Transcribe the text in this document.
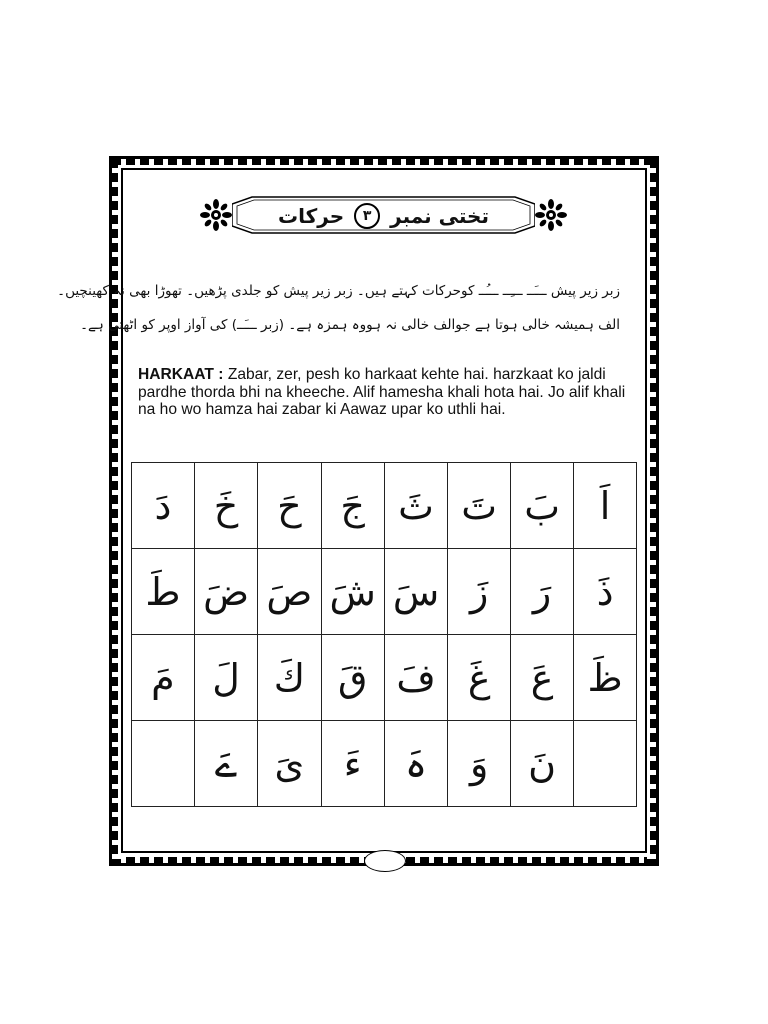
تختی نمبر
۳
حرکات
زبر زیر پیش ـــَــ ـــِــ ـــُــ کوحرکات کہتے ہیں۔ زبر زیر پیش کو جلدی پڑھیں۔ تھوڑا بھی نہ کھینچیں۔
الف ہمیشہ خالی ہوتا ہے جوالف خالی نہ ہووہ ہمزہ ہے۔ (زبر ـــَــ) کی آواز اوپر کو اٹھتی ہے۔
HARKAAT : Zabar, zer, pesh ko harkaat kehte hai. harzkaat ko jaldi pardhe thorda bhi na kheeche. Alif hamesha khali hota hai. Jo alif khali na ho wo hamza hai zabar ki Aawaz upar ko uthli hai.
دَ	خَ	حَ	جَ	ثَ	تَ	بَ	اَ
طَ	ضَ	صَ	شَ	سَ	زَ	رَ	ذَ
مَ	لَ	كَ	قَ	فَ	غَ	عَ	ظَ
	ےَ	یَ	ءَ	ہَ	وَ	نَ	
